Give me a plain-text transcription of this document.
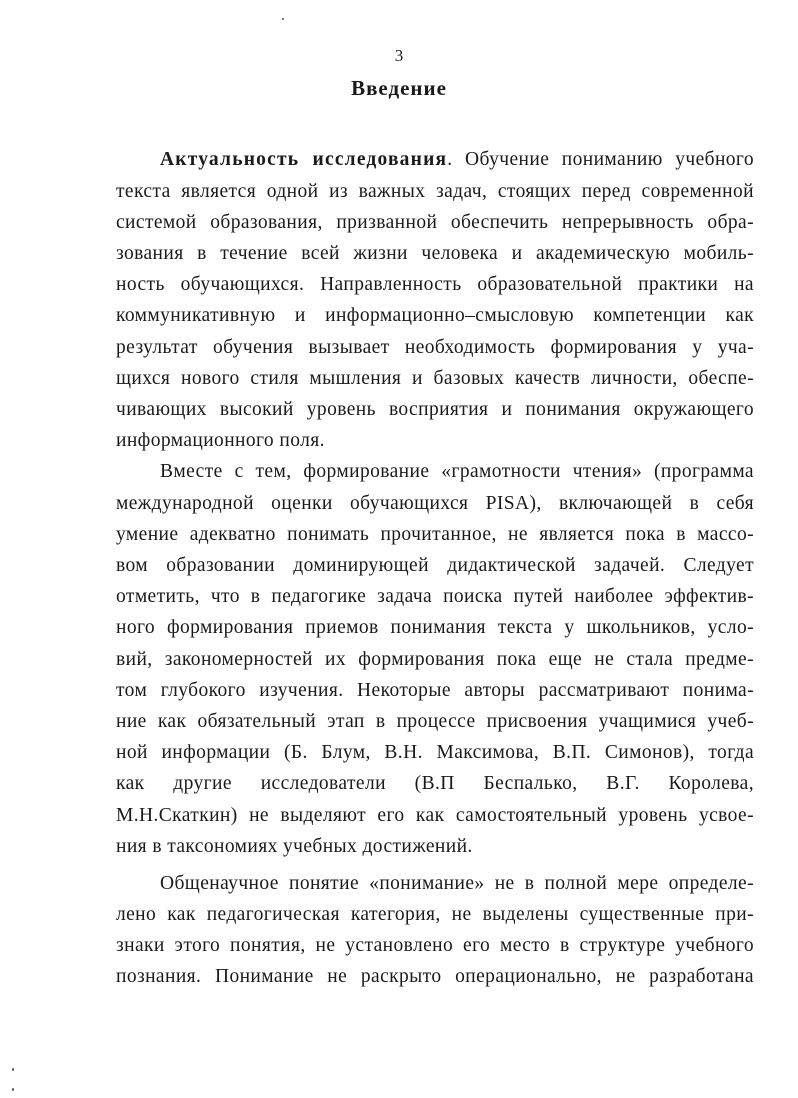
3
Введение
Актуальность исследования. Обучение пониманию учебного
текста является одной из важных задач, стоящих перед современной
системой образования, призванной обеспечить непрерывность обра-
зования в течение всей жизни человека и академическую мобиль-
ность обучающихся. Направленность образовательной практики на
коммуникативную и информационно–смысловую компетенции как
результат обучения вызывает необходимость формирования у уча-
щихся нового стиля мышления и базовых качеств личности, обеспе-
чивающих высокий уровень восприятия и понимания окружающего
информационного поля.
Вместе с тем, формирование «грамотности чтения» (программа
международной оценки обучающихся PISA), включающей в себя
умение адекватно понимать прочитанное, не является пока в массо-
вом образовании доминирующей дидактической задачей. Следует
отметить, что в педагогике задача поиска путей наиболее эффектив-
ного формирования приемов понимания текста у школьников, усло-
вий, закономерностей их формирования пока еще не стала предме-
том глубокого изучения. Некоторые авторы рассматривают понима-
ние как обязательный этап в процессе присвоения учащимися учеб-
ной информации (Б. Блум, В.Н. Максимова, В.П. Симонов), тогда
как другие исследователи (В.П Беспалько, В.Г. Королева,
М.Н.Скаткин) не выделяют его как самостоятельный уровень усвое-
ния в таксономиях учебных достижений.
Общенаучное понятие «понимание» не в полной мере определе-
лено как педагогическая категория, не выделены существенные при-
знаки этого понятия, не установлено его место в структуре учебного
познания. Понимание не раскрыто операционально, не разработана
